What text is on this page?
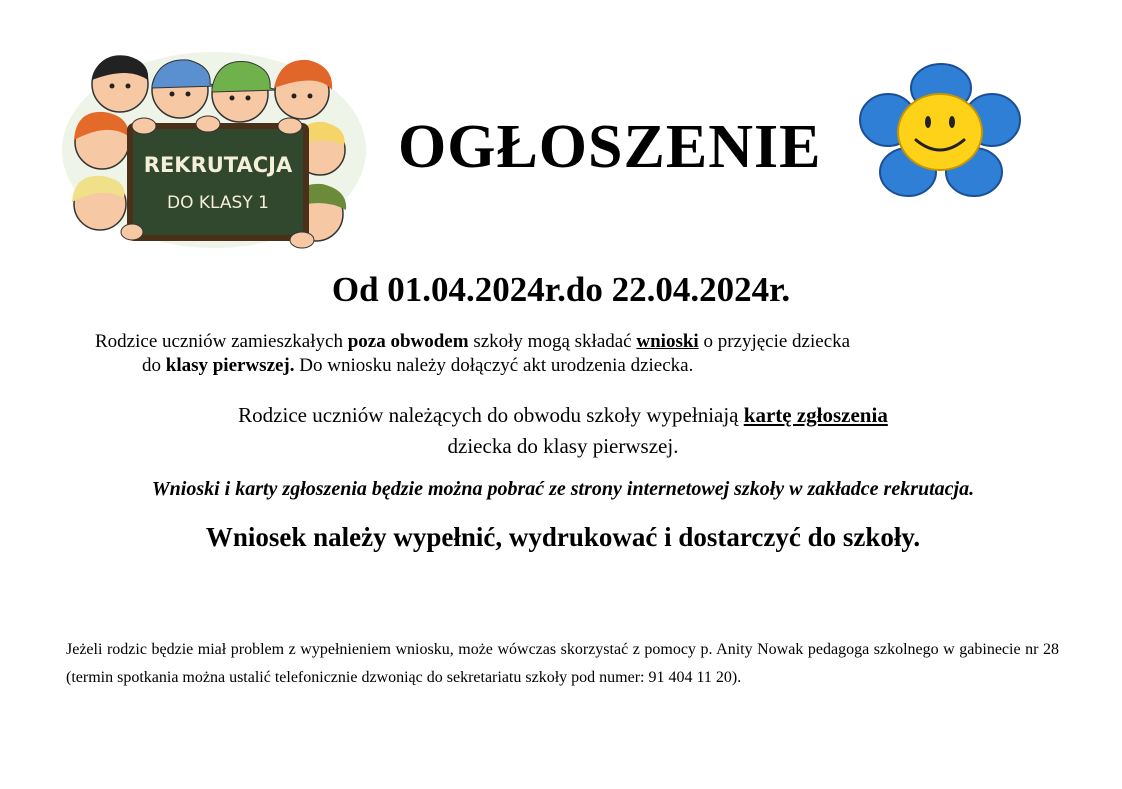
REKRUTACJA
DO KLASY 1
OGŁOSZENIE
Od 01.04.2024r.do 22.04.2024r.
Rodzice uczniów zamieszkałych poza obwodem szkoły mogą składać wnioski o przyjęcie dziecka
do klasy pierwszej. Do wniosku należy dołączyć akt urodzenia dziecka.
Rodzice uczniów należących do obwodu szkoły wypełniają kartę zgłoszenia
dziecka do klasy pierwszej.
Wnioski i karty zgłoszenia będzie można pobrać ze strony internetowej szkoły w zakładce rekrutacja.
Wniosek należy wypełnić, wydrukować i dostarczyć do szkoły.
Jeżeli rodzic będzie miał problem z wypełnieniem wniosku, może wówczas skorzystać z pomocy p. Anity Nowak pedagoga szkolnego w gabinecie nr 28 (termin spotkania można ustalić telefonicznie dzwoniąc do sekretariatu szkoły pod numer: 91 404 11 20).
